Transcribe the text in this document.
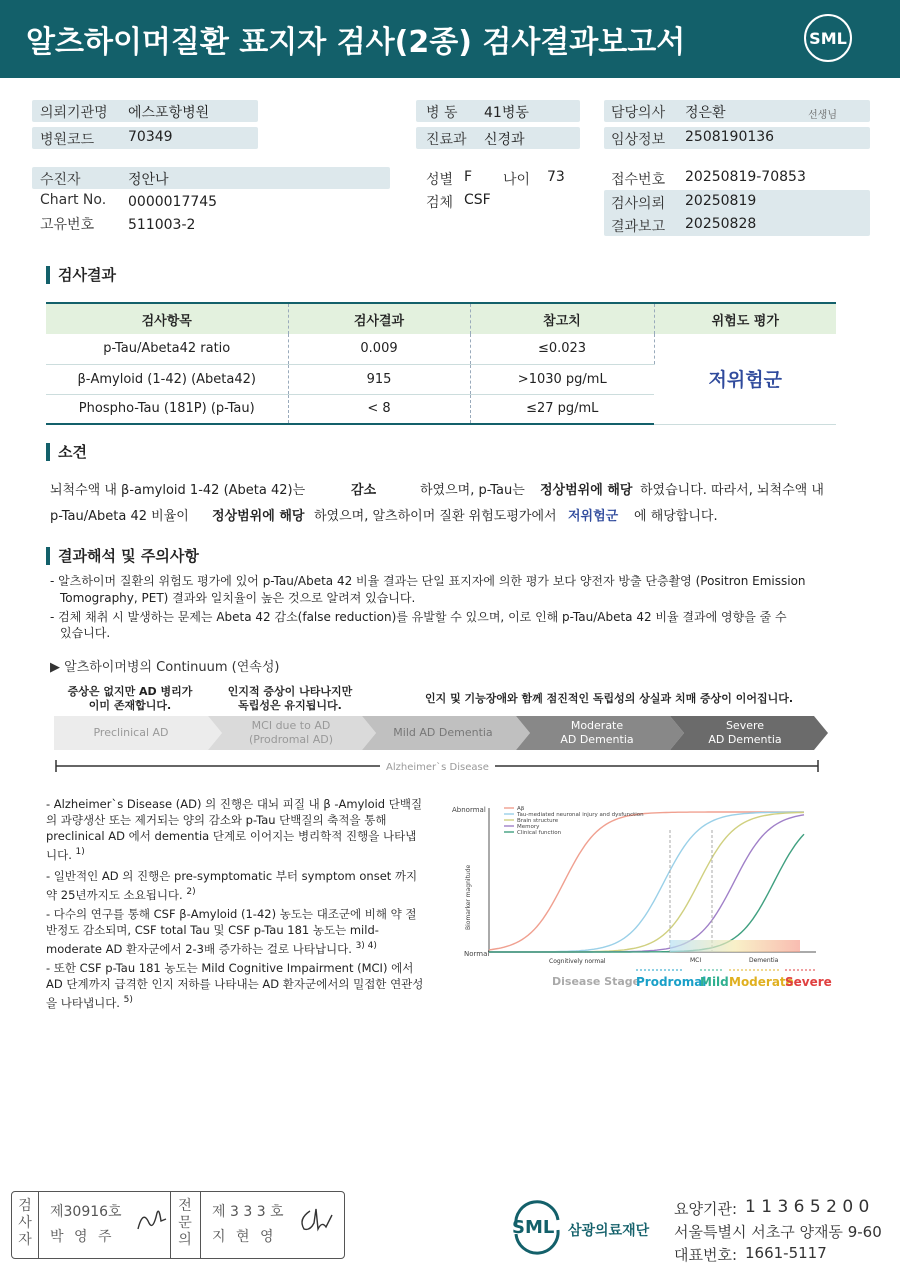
알츠하이머질환 표지자 검사(2종) 검사결과보고서	SML
의뢰기관명 에스포항병원
병원코드 70349
수진자	정안나
Chart No. 0000017745
고유번호 511003-2
병 동 41병동
진료과 신경과
성별 F 나이 73
검체 CSF
담당의사 정은환	선생님
임상정보 2508190136
접수번호 20250819-70853
검사의뢰 20250819
결과보고 20250828
검사결과
검사항목	검사결과	참고치	위험도 평가
p-Tau/Abeta42 ratio	0.009	≤0.023	저위험군
β-Amyloid (1-42) (Abeta42)	915	>1030 pg/mL	
Phospho-Tau (181P) (p-Tau)	< 8	≤27 pg/mL	
소견
뇌척수액 내 β-amyloid 1-42 (Abeta 42)는	감소	하였으며, p-Tau는 정상범위에 해당 하였습니다. 따라서, 뇌척수액 내
p-Tau/Abeta 42 비율이 정상범위에 해당 하였으며, 알츠하이머 질환 위험도평가에서 저위험군 에 해당합니다.
결과해석 및 주의사항
- 알츠하이머 질환의 위험도 평가에 있어 p-Tau/Abeta 42 비율 결과는 단일 표지자에 의한 평가 보다 양전자 방출 단층촬영 (Positron Emission
Tomography, PET) 결과와 일치율이 높은 것으로 알려져 있습니다.
- 검체 채취 시 발생하는 문제는 Abeta 42 감소(false reduction)를 유발할 수 있으며, 이로 인해 p-Tau/Abeta 42 비율 결과에 영향을 줄 수
있습니다.
▶ 알츠하이머병의 Continuum (연속성)
증상은 없지만 AD 병리가
이미 존재합니다.
인지적 증상이 나타나지만
독립성은 유지됩니다.
인지 및 기능장애와 함께 점진적인 독립성의 상실과 치매 증상이 이어집니다.
Preclinical AD
MCI due to AD
(Prodromal AD)
Mild AD Dementia
Moderate
AD Dementia
Severe
AD Dementia
Alzheimer`s Disease
- Alzheimer`s Disease (AD) 의 진행은 대뇌 피질 내 β -Amyloid 단백질의 과량생산 또는 제거되는 양의 감소와 p-Tau 단백질의 축적을 통해 preclinical AD 에서 dementia 단계로 이어지는 병리학적 진행을 나타냅니다. $^{1)}$
- 일반적인 AD 의 진행은 pre-symptomatic 부터 symptom onset 까지 약 25년까지도 소요됩니다. $^{2)}$
- 다수의 연구를 통해 CSF β-Amyloid (1-42) 농도는 대조군에 비해 약 절반정도 감소되며, CSF total Tau 및 CSF p-Tau 181 농도는 mild-moderate AD 환자군에서 2-3배 증가하는 걸로 나타납니다. $^{3) 4)}$
- 또한 CSF p-Tau 181 농도는 Mild Cognitive Impairment (MCI) 에서 AD 단계까지 급격한 인지 저하를 나타내는 AD 환자군에서의 밀접한 연관성을 나타냅니다. $^{5)}$
Abnormal
Normal
Biomarker magnitude
Aβ
Tau-mediated neuronal injury and dysfunction
Brain structure
Memory
Clinical function
Cognitively normal	MCI	Dementia
Disease Stage
Prodromal
Mild Moderate
Severe
검
사
자
제30916호
박 영 주
전
문
의
제 3 3 3 호
지 현 영	SML 삼광의료재단
요양기관: 1 1 3 6 5 2 0 0
서울특별시 서초구 양재동 9-60
대표번호: 1661-5117
